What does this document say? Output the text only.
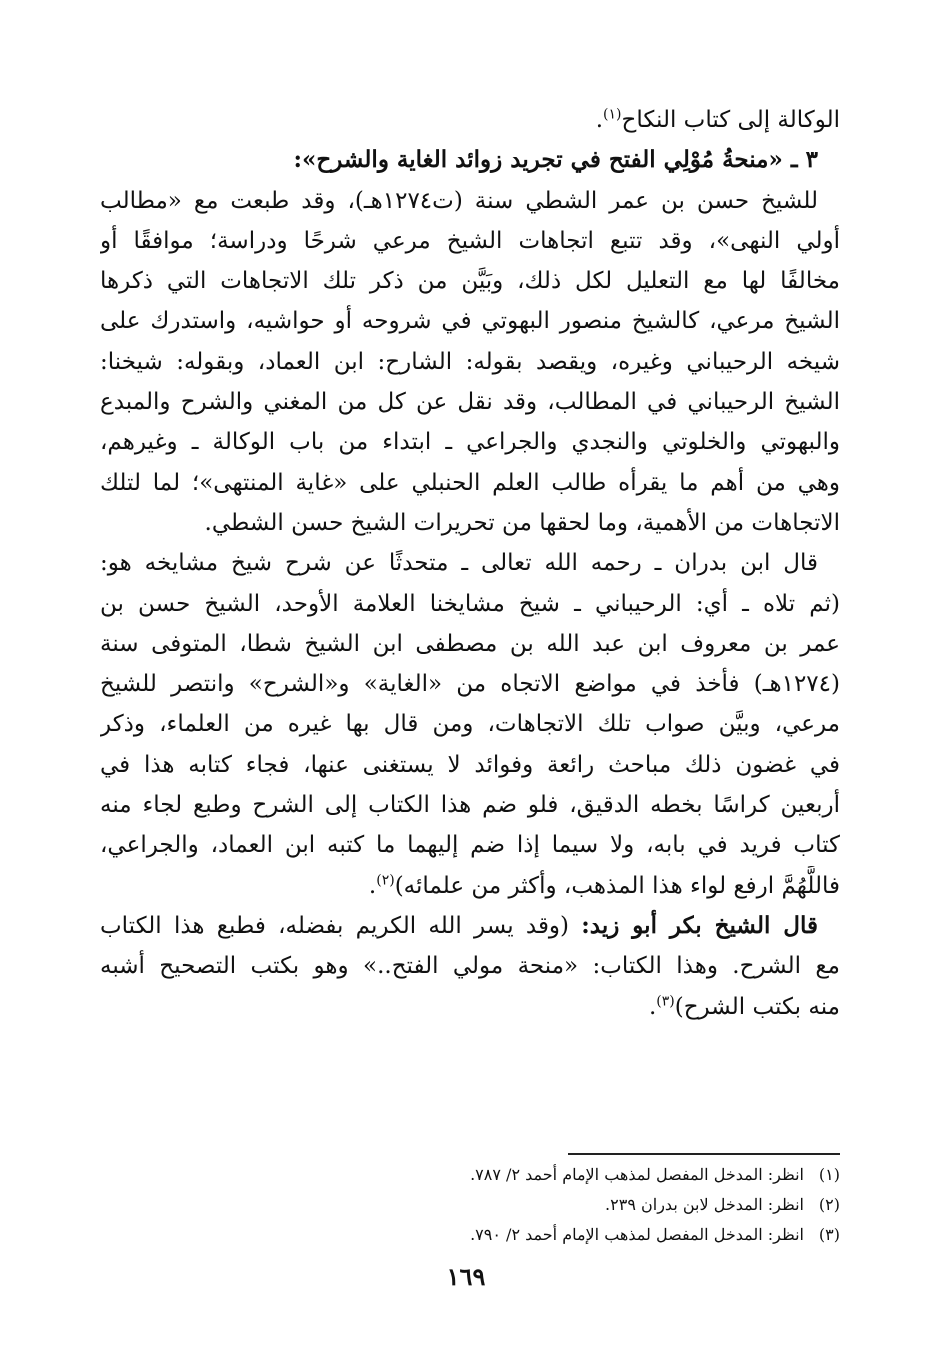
الوكالة إلى كتاب النكاح$^{(١)}$.
٣ ـ «منحةُ مُوْلِي الفتح في تجريد زوائد الغاية والشرح»:
للشيخ حسن بن عمر الشطي سنة (ت١٢٧٤هـ)، وقد طبعت مع «مطالب
أولي النهى»، وقد تتبع اتجاهات الشيخ مرعي شرحًا ودراسة؛ موافقًا أو
مخالفًا لها مع التعليل لكل ذلك، وبَيَّن من ذكر تلك الاتجاهات التي ذكرها
الشيخ مرعي، كالشيخ منصور البهوتي في شروحه أو حواشيه، واستدرك على
شيخه الرحيباني وغيره، ويقصد بقوله: الشارح: ابن العماد، وبقوله: شيخنا:
الشيخ الرحيباني في المطالب، وقد نقل عن كل من المغني والشرح والمبدع
والبهوتي والخلوتي والنجدي والجراعي ـ ابتداء من باب الوكالة ـ وغيرهم،
وهي من أهم ما يقرأه طالب العلم الحنبلي على «غاية المنتهى»؛ لما لتلك
الاتجاهات من الأهمية، وما لحقها من تحريرات الشيخ حسن الشطي.
قال ابن بدران ـ رحمه الله تعالى ـ متحدثًا عن شرح شيخ مشايخه هو:
(ثم تلاه ـ أي: الرحيباني ـ شيخ مشايخنا العلامة الأوحد، الشيخ حسن بن
عمر بن معروف ابن عبد الله بن مصطفى ابن الشيخ شطا، المتوفى سنة
(١٢٧٤هـ) فأخذ في مواضع الاتجاه من «الغاية» و«الشرح» وانتصر للشيخ
مرعي، وبيَّن صواب تلك الاتجاهات، ومن قال بها غيره من العلماء، وذكر
في غضون ذلك مباحث رائعة وفوائد لا يستغنى عنها، فجاء كتابه هذا في
أربعين كراسًا بخطه الدقيق، فلو ضم هذا الكتاب إلى الشرح وطبع لجاء منه
كتاب فريد في بابه، ولا سيما إذا ضم إليهما ما كتبه ابن العماد، والجراعي،
فاللَّهُمَّ ارفع لواء هذا المذهب، وأكثر من علمائه)$^{(٢)}$.
قال الشيخ بكر أبو زيد: (وقد يسر الله الكريم بفضله، فطبع هذا الكتاب
مع الشرح. وهذا الكتاب: «منحة مولي الفتح..» وهو بكتب التصحيح أشبه
منه بكتب الشرح)$^{(٣)}$.
(١)انظر: المدخل المفصل لمذهب الإمام أحمد ٢/ ٧٨٧.
(٢)انظر: المدخل لابن بدران ٢٣٩.
(٣)انظر: المدخل المفصل لمذهب الإمام أحمد ٢/ ٧٩٠.
١٦٩
